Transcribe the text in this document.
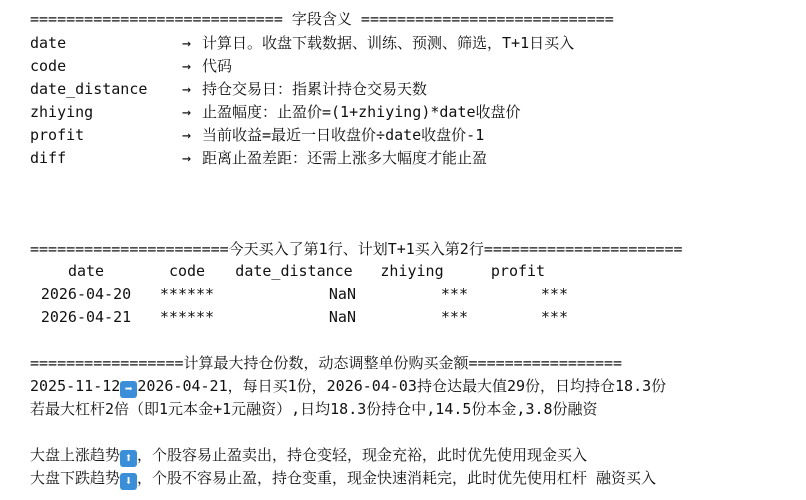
============================ 字段含义 ============================
date	→ 计算日。收盘下载数据、训练、预测、筛选，T+1日买入
code	→ 代码
date_distance → 持仓交易日：指累计持仓交易天数
zhiying	→ 止盈幅度：止盈价=(1+zhiying)*date收盘价
profit	→ 当前收益=最近一日收盘价÷date收盘价-1
diff	→ 距离止盈差距：还需上涨多大幅度才能止盈
======================今天买入了第1行、计划T+1买入第2行======================
date	code	date_distance	zhiying	profit
2026-04-20	******	NaN	***	***
2026-04-21	******	NaN	***	***
=================计算最大持仓份数，动态调整单份购买金额=================
2025-11-12 ➡ 2026-04-21，每日买1份，2026-04-03持仓达最大值29份，日均持仓18.3份
若最大杠杆2倍（即1元本金+1元融资）,日均18.3份持仓中,14.5份本金,3.8份融资
大盘上涨趋势 ⬆ ，个股容易止盈卖出，持仓变轻，现金充裕，此时优先使用现金买入
大盘下跌趋势 ⬇ ，个股不容易止盈，持仓变重，现金快速消耗完，此时优先使用杠杆 融资买入
